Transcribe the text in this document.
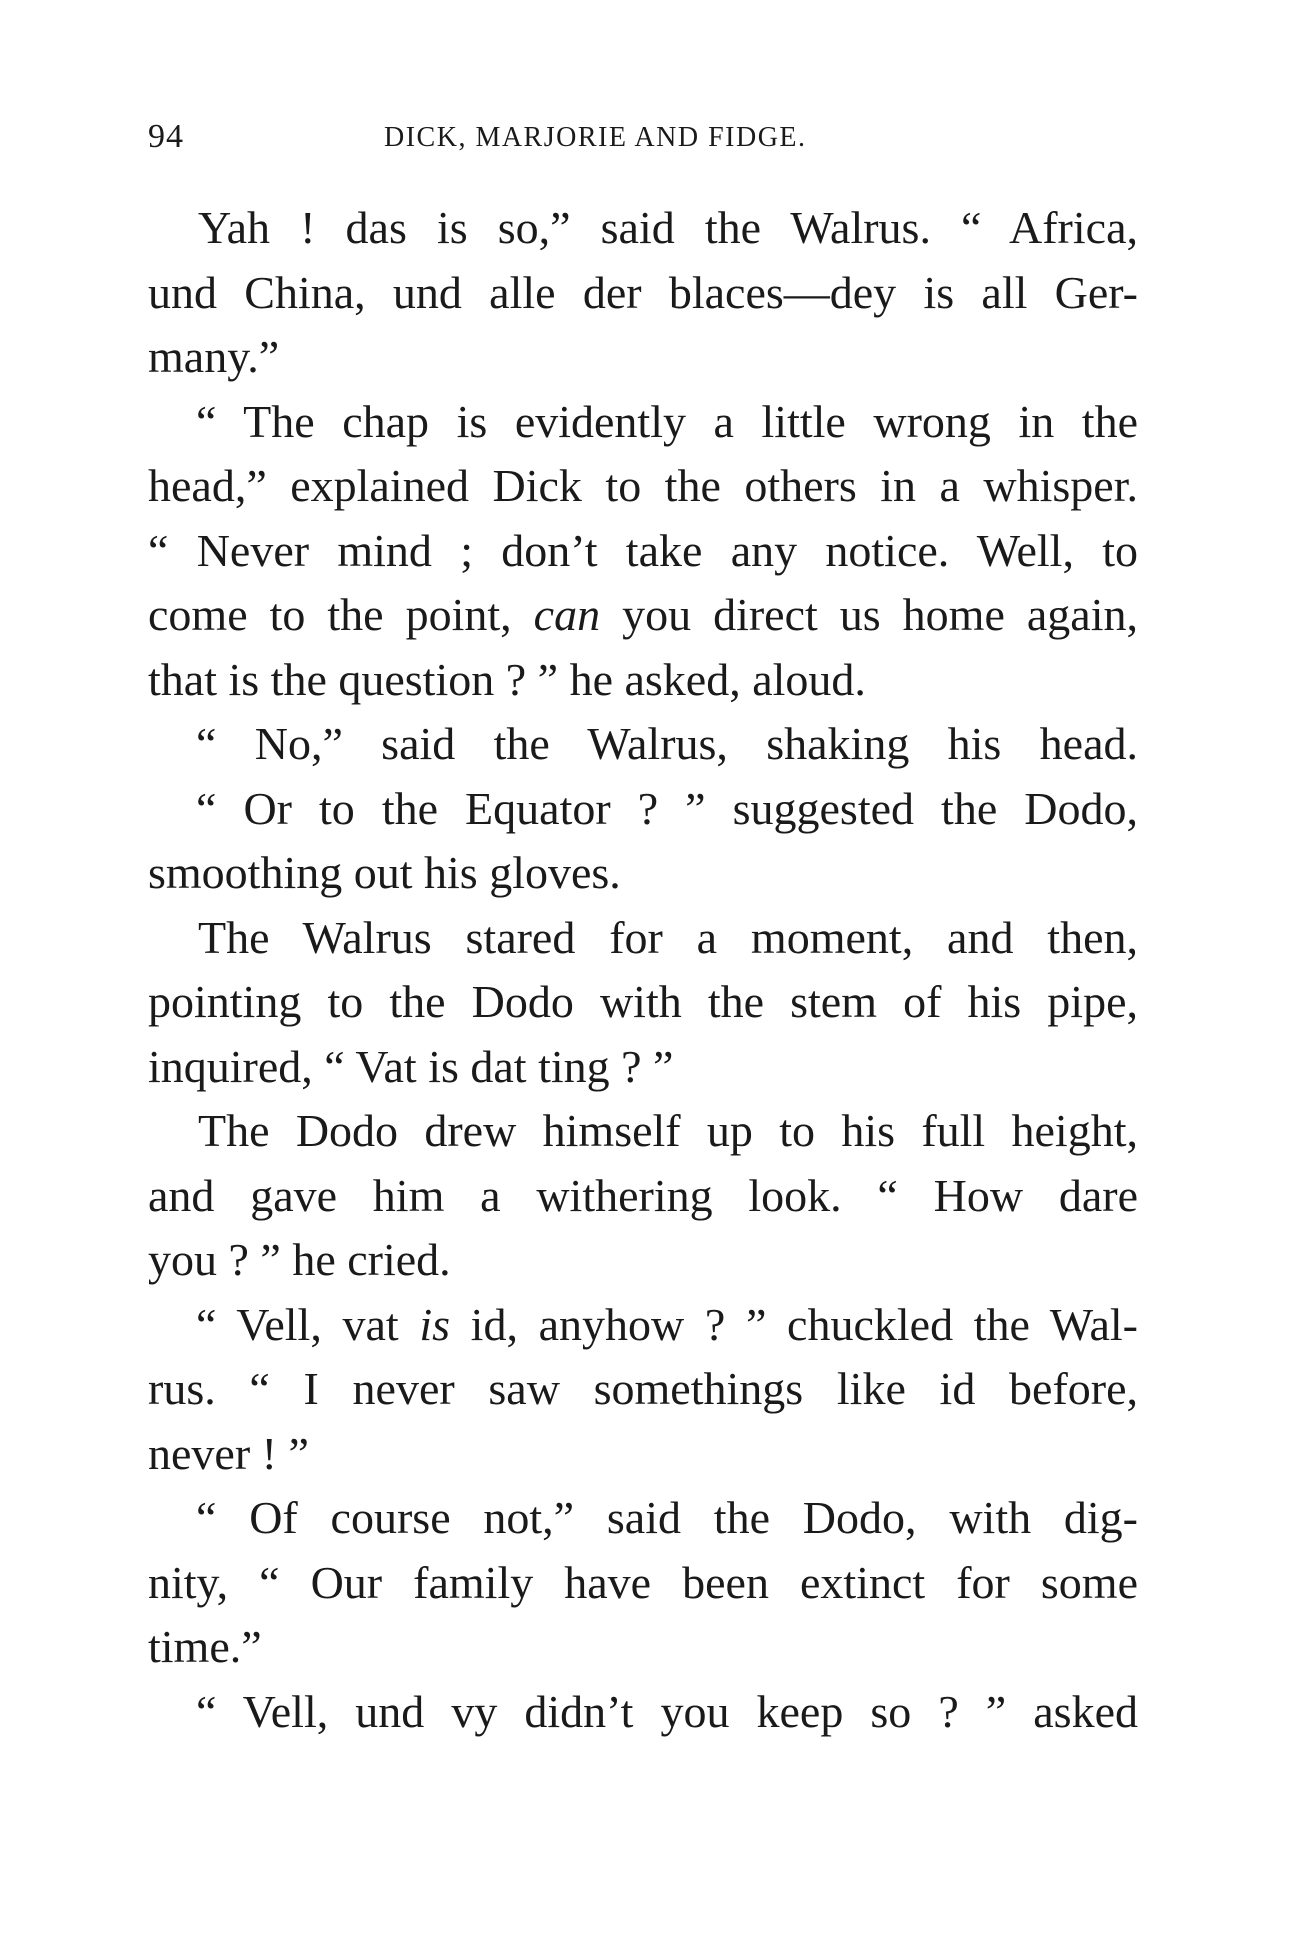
94	DICK, MARJORIE AND FIDGE.
Yah ! das is so,” said the Walrus. “ Africa,
und China, und alle der blaces—dey is all Ger-
many.”
“ The chap is evidently a little wrong in the
head,” explained Dick to the others in a whisper.
“ Never mind ; don’t take any notice. Well, to
come to the point, can you direct us home again,
that is the question ? ” he asked, aloud.
“ No,” said the Walrus, shaking his head.
“ Or to the Equator ? ” suggested the Dodo,
smoothing out his gloves.
The Walrus stared for a moment, and then,
pointing to the Dodo with the stem of his pipe,
inquired, “ Vat is dat ting ? ”
The Dodo drew himself up to his full height,
and gave him a withering look. “ How dare
you ? ” he cried.
“ Vell, vat is id, anyhow ? ” chuckled the Wal-
rus. “ I never saw somethings like id before,
never ! ”
“ Of course not,” said the Dodo, with dig-
nity, “ Our family have been extinct for some
time.”
“ Vell, und vy didn’t you keep so ? ” asked
